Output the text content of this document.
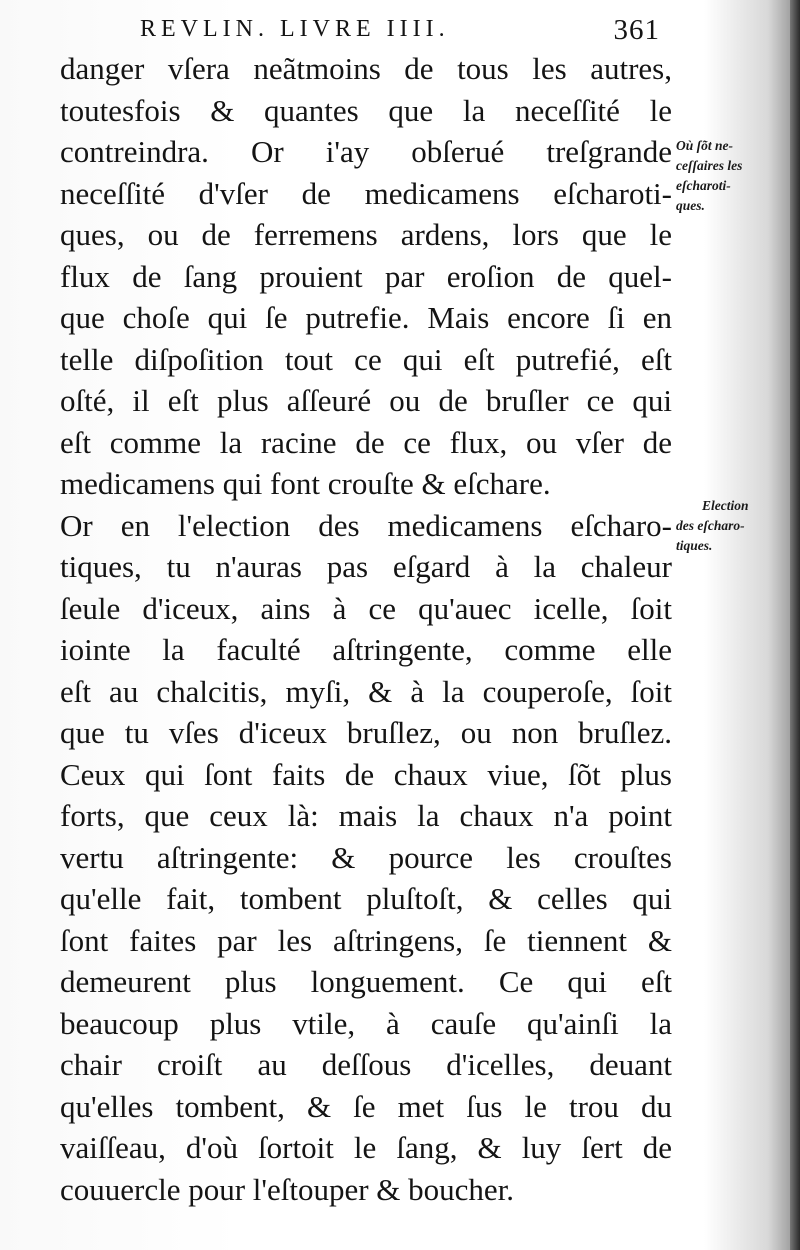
REVLIN. LIVRE IIII.	361
danger vſera neãtmoins de tous les autres,
toutesfois & quantes que la neceſſité le
contreindra. Or i'ay obſerué treſgrande
neceſſité d'vſer de medicamens eſcharoti-
ques, ou de ferremens ardens, lors que le
flux de ſang prouient par eroſion de quel-
que choſe qui ſe putrefie. Mais encore ſi en
telle diſpoſition tout ce qui eſt putrefié, eſt
oſté, il eſt plus aſſeuré ou de bruſler ce qui
eſt comme la racine de ce flux, ou vſer de
medicamens qui font crouſte & eſchare.
Or en l'election des medicamens eſcharo-
tiques, tu n'auras pas eſgard à la chaleur
ſeule d'iceux, ains à ce qu'auec icelle, ſoit
iointe la faculté aſtringente, comme elle
eſt au chalcitis, myſi, & à la couperoſe, ſoit
que tu vſes d'iceux bruſlez, ou non bruſlez.
Ceux qui ſont faits de chaux viue, ſõt plus
forts, que ceux là: mais la chaux n'a point
vertu aſtringente: & pource les crouſtes
qu'elle fait, tombent pluſtoſt, & celles qui
ſont faites par les aſtringens, ſe tiennent &
demeurent plus longuement. Ce qui eſt
beaucoup plus vtile, à cauſe qu'ainſi la
chair croiſt au deſſous d'icelles, deuant
qu'elles tombent, & ſe met ſus le trou du
vaiſſeau, d'où ſortoit le ſang, & luy ſert de
couuercle pour l'eſtouper & boucher.
Où ſõt ne-
ceſſaires les
eſcharoti-
ques.
Election
des eſcharo-
tiques.
